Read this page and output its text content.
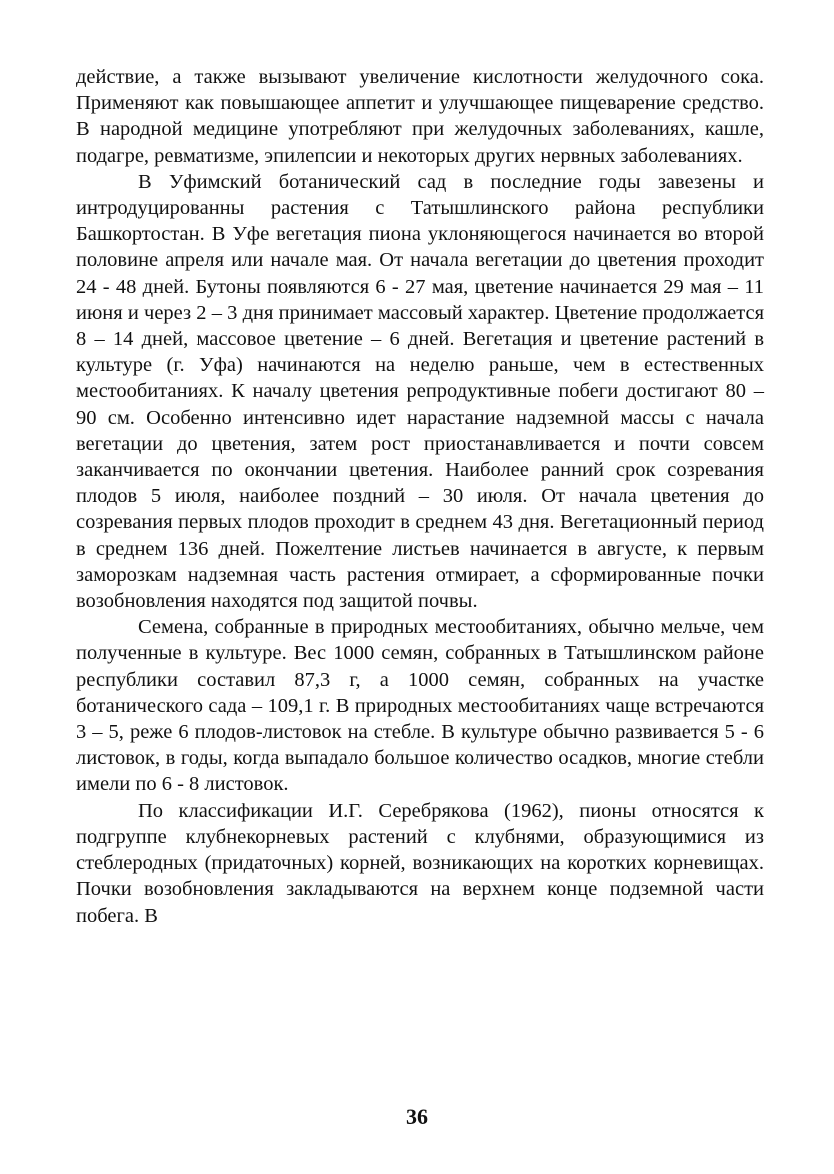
действие, а также вызывают увеличение кислотности желудочного сока. Применяют как повышающее аппетит и улучшающее пищеварение средство. В народной медицине употребляют при желудочных заболеваниях, кашле, подагре, ревматизме, эпилепсии и некоторых других нервных заболеваниях.

В Уфимский ботанический сад в последние годы завезены и интродуцированны растения с Татышлинского района республики Башкортостан. В Уфе вегетация пиона уклоняющегося начинается во второй половине апреля или начале мая. От начала вегетации до цветения проходит 24 - 48 дней. Бутоны появляются 6 - 27 мая, цветение начинается 29 мая – 11 июня и через 2 – 3 дня принимает массовый характер. Цветение продолжается 8 – 14 дней, массовое цветение – 6 дней. Вегетация и цветение растений в культуре (г. Уфа) начинаются на неделю раньше, чем в естественных местообитаниях. К началу цветения репродуктивные побеги достигают 80 – 90 см. Особенно интенсивно идет нарастание надземной массы с начала вегетации до цветения, затем рост приостанавливается и почти совсем заканчивается по окончании цветения. Наиболее ранний срок созревания плодов 5 июля, наиболее поздний – 30 июля. От начала цветения до созревания первых плодов проходит в среднем 43 дня. Вегетационный период в среднем 136 дней. Пожелтение листьев начинается в августе, к первым заморозкам надземная часть растения отмирает, а сформированные почки возобновления находятся под защитой почвы.

Семена, собранные в природных местообитаниях, обычно мельче, чем полученные в культуре. Вес 1000 семян, собранных в Татышлинском районе республики составил 87,3 г, а 1000 семян, собранных на участке ботанического сада – 109,1 г. В природных местообитаниях чаще встречаются 3 – 5, реже 6 плодов-листовок на стебле. В культуре обычно развивается 5 - 6 листовок, в годы, когда выпадало большое количество осадков, многие стебли имели по 6 - 8 листовок.

По классификации И.Г. Серебрякова (1962), пионы относятся к подгруппе клубнекорневых растений с клубнями, образующимися из стеблеродных (придаточных) корней, возникающих на коротких корневищах. Почки возобновления закладываются на верхнем конце подземной части побега. В

36
